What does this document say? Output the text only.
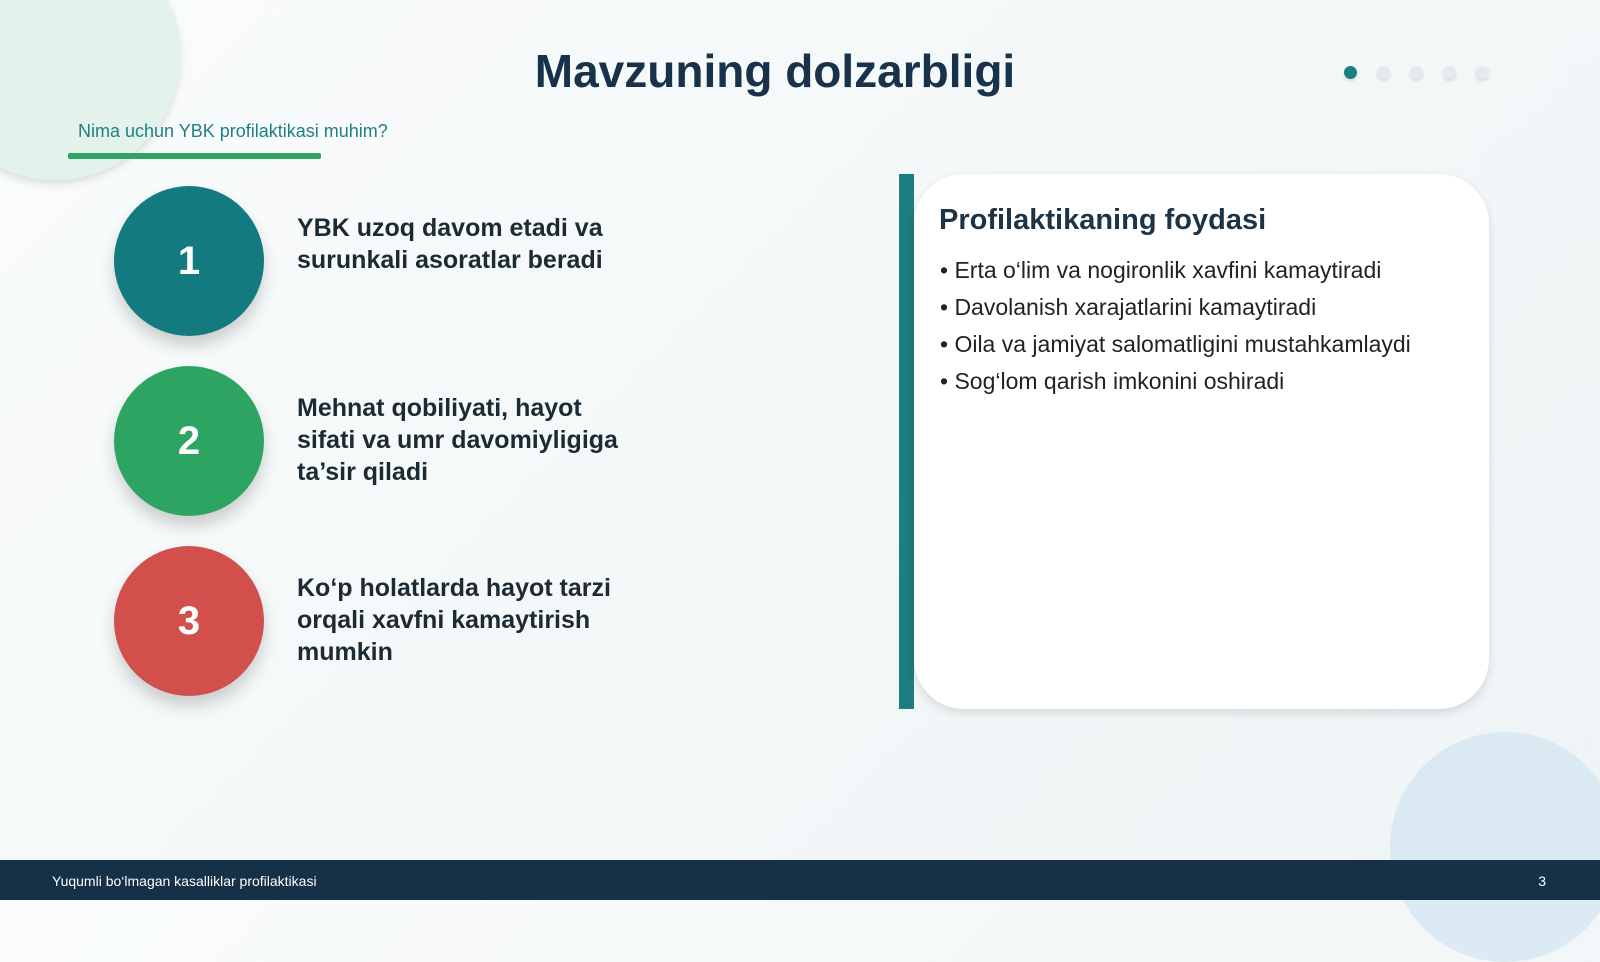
Mavzuning dolzarbligi
Nima uchun YBK profilaktikasi muhim?
1
YBK uzoq davom etadi va surunkali asoratlar beradi
2
Mehnat qobiliyati, hayot sifati va umr davomiyligiga ta’sir qiladi
3
Ko‘p holatlarda hayot tarzi orqali xavfni kamaytirish mumkin
Profilaktikaning foydasi
• Erta o‘lim va nogironlik xavfini kamaytiradi
• Davolanish xarajatlarini kamaytiradi
• Oila va jamiyat salomatligini mustahkamlaydi
• Sog‘lom qarish imkonini oshiradi
Yuqumli bo‘lmagan kasalliklar profilaktikasi	3
